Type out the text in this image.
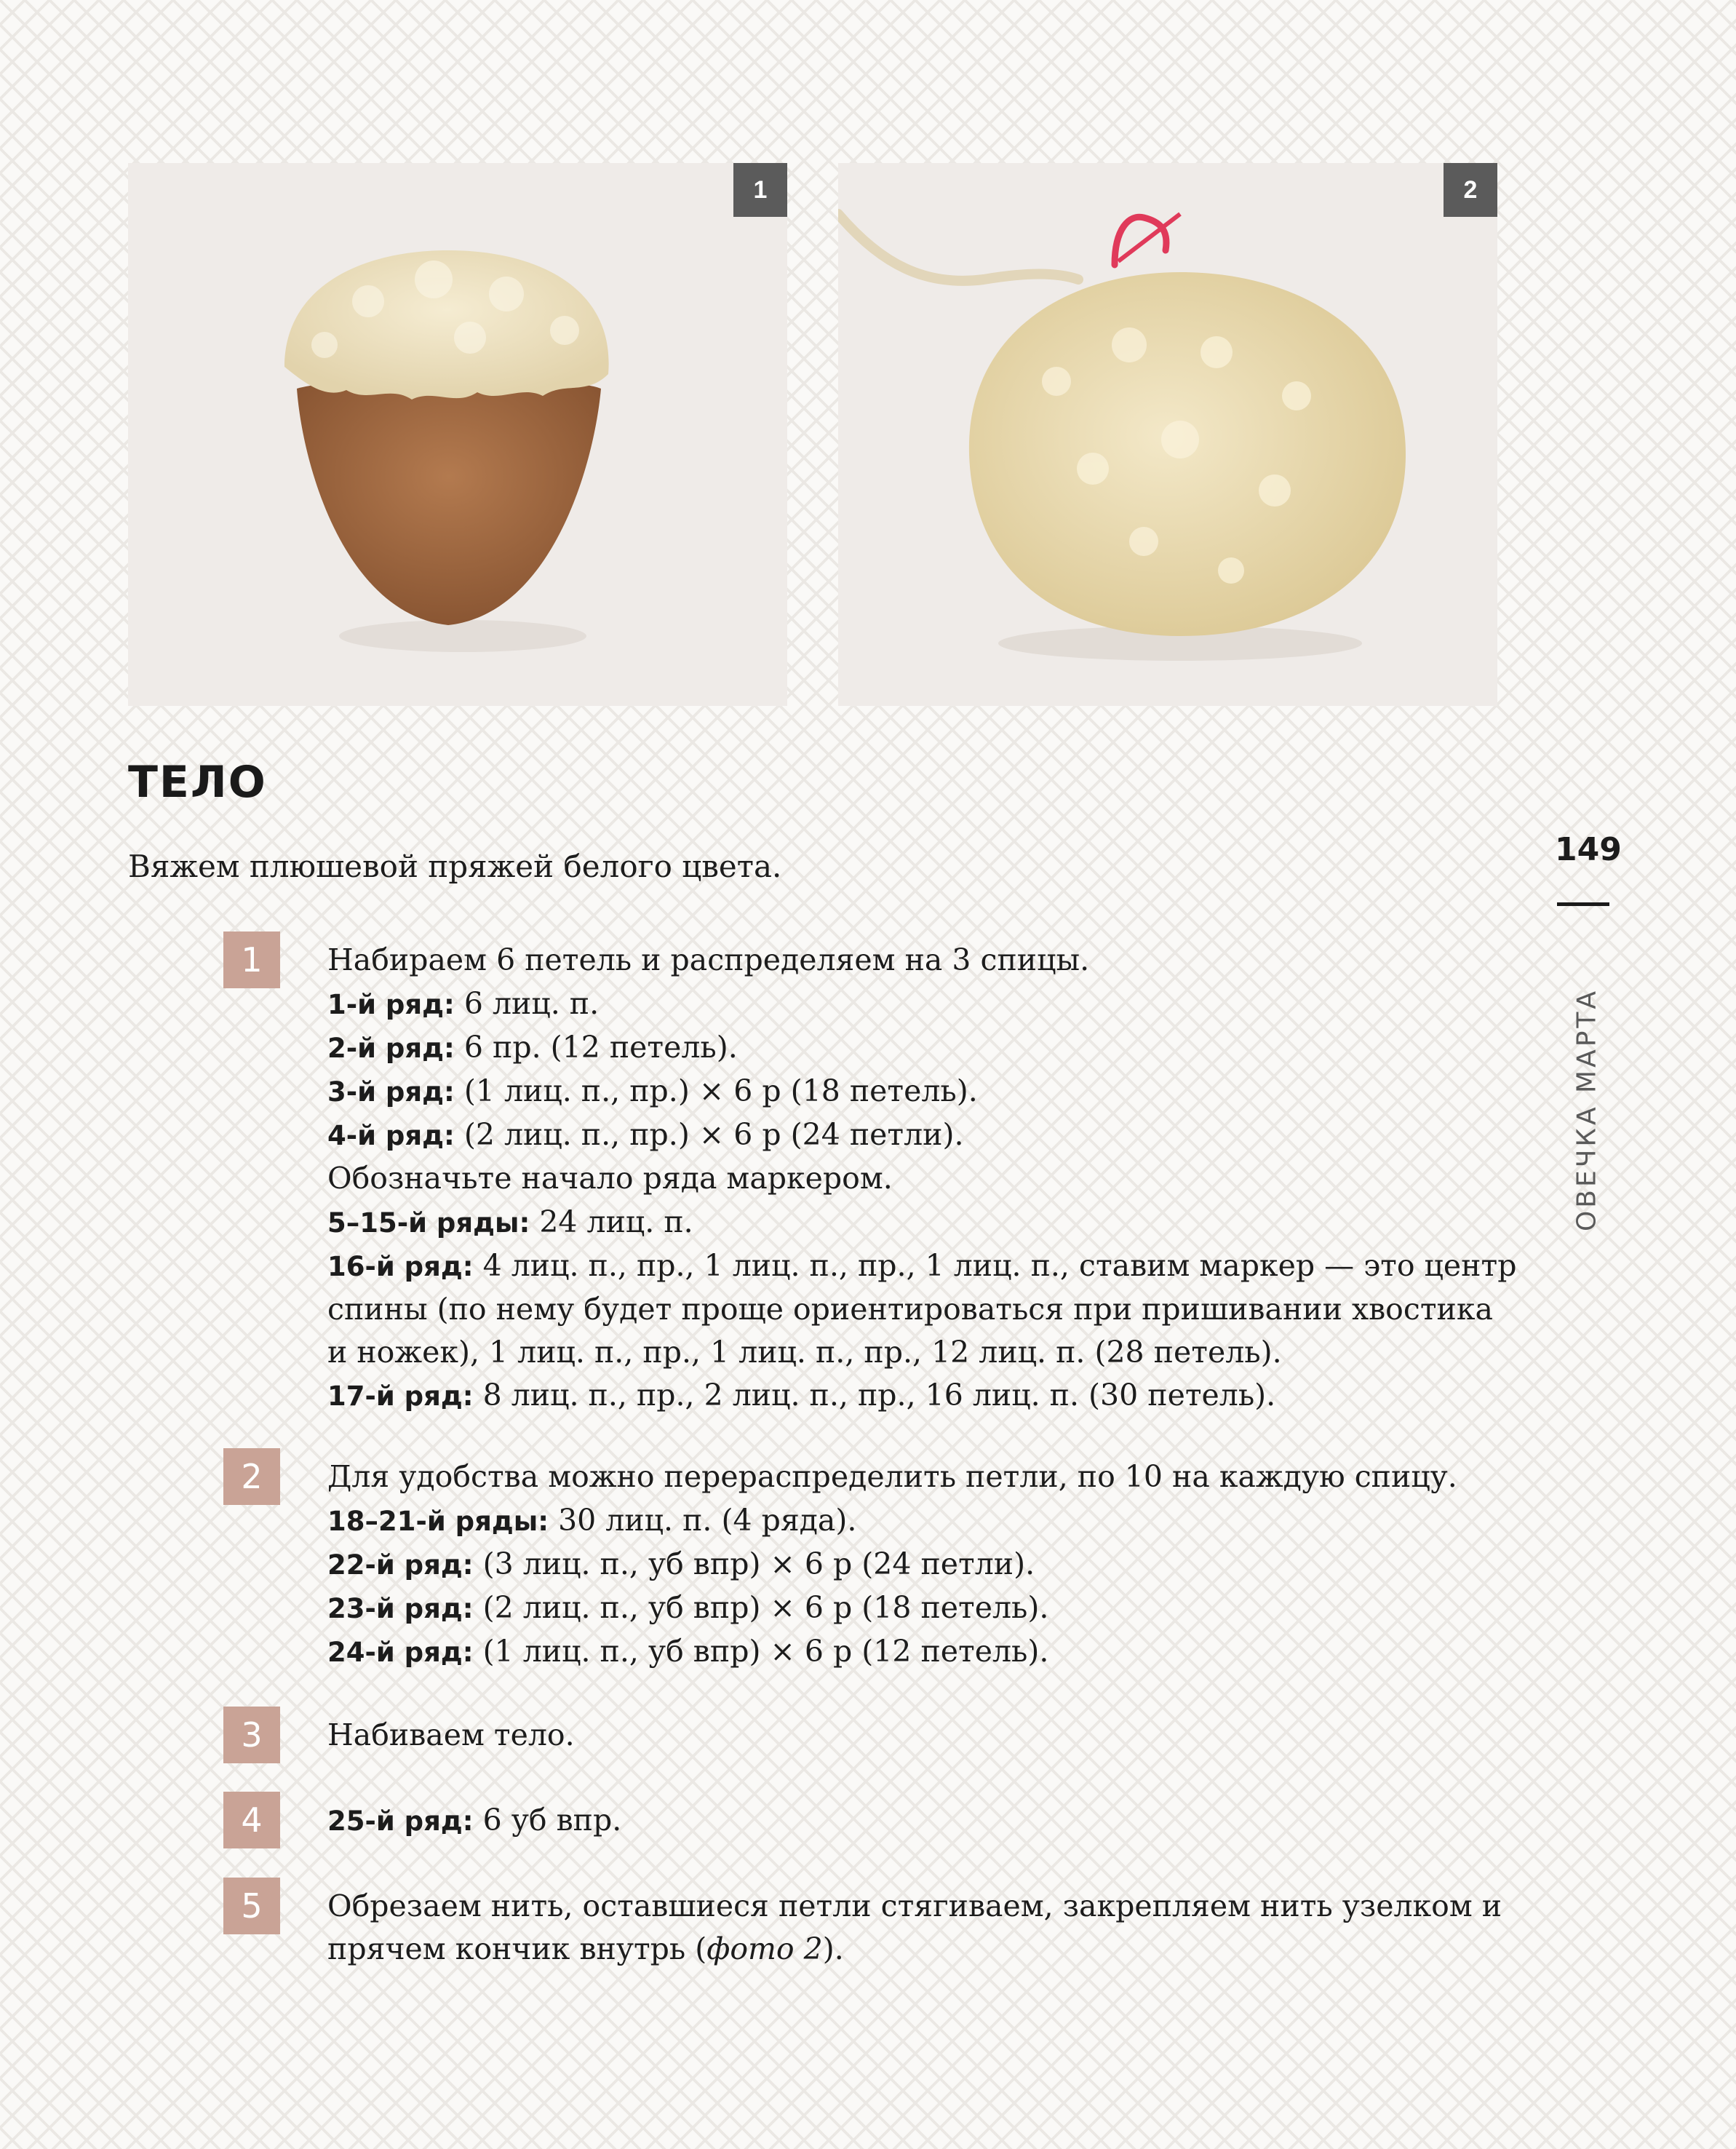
1	2
ТЕЛО

Вяжем плюшевой пряжей белого цвета.

1	Набираем 6 петель и распределяем на 3 спицы.

1-й ряд: 6 лиц. п.

2-й ряд: 6 пр. (12 петель).

3-й ряд: (1 лиц. п., пр.) × 6 р (18 петель).

4-й ряд: (2 лиц. п., пр.) × 6 р (24 петли).

Обозначьте начало ряда маркером.

5–15-й ряды: 24 лиц. п.

16-й ряд: 4 лиц. п., пр., 1 лиц. п., пр., 1 лиц. п., ставим маркер — это центр спины (по нему будет проще ориентироваться при пришивании хвостика и ножек), 1 лиц. п., пр., 1 лиц. п., пр., 12 лиц. п. (28 петель).

17-й ряд: 8 лиц. п., пр., 2 лиц. п., пр., 16 лиц. п. (30 петель).

2	Для удобства можно перераспределить петли, по 10 на каждую спицу.

18–21-й ряды: 30 лиц. п. (4 ряда).

22-й ряд: (3 лиц. п., уб впр) × 6 р (24 петли).

23-й ряд: (2 лиц. п., уб впр) × 6 р (18 петель).

24-й ряд: (1 лиц. п., уб впр) × 6 р (12 петель).

3	Набиваем тело.

4	25-й ряд: 6 уб впр.

5	Обрезаем нить, оставшиеся петли стягиваем, закрепляем нить узелком и прячем кончик внутрь (фото 2).

149
ОВЕЧКА МАРТА
